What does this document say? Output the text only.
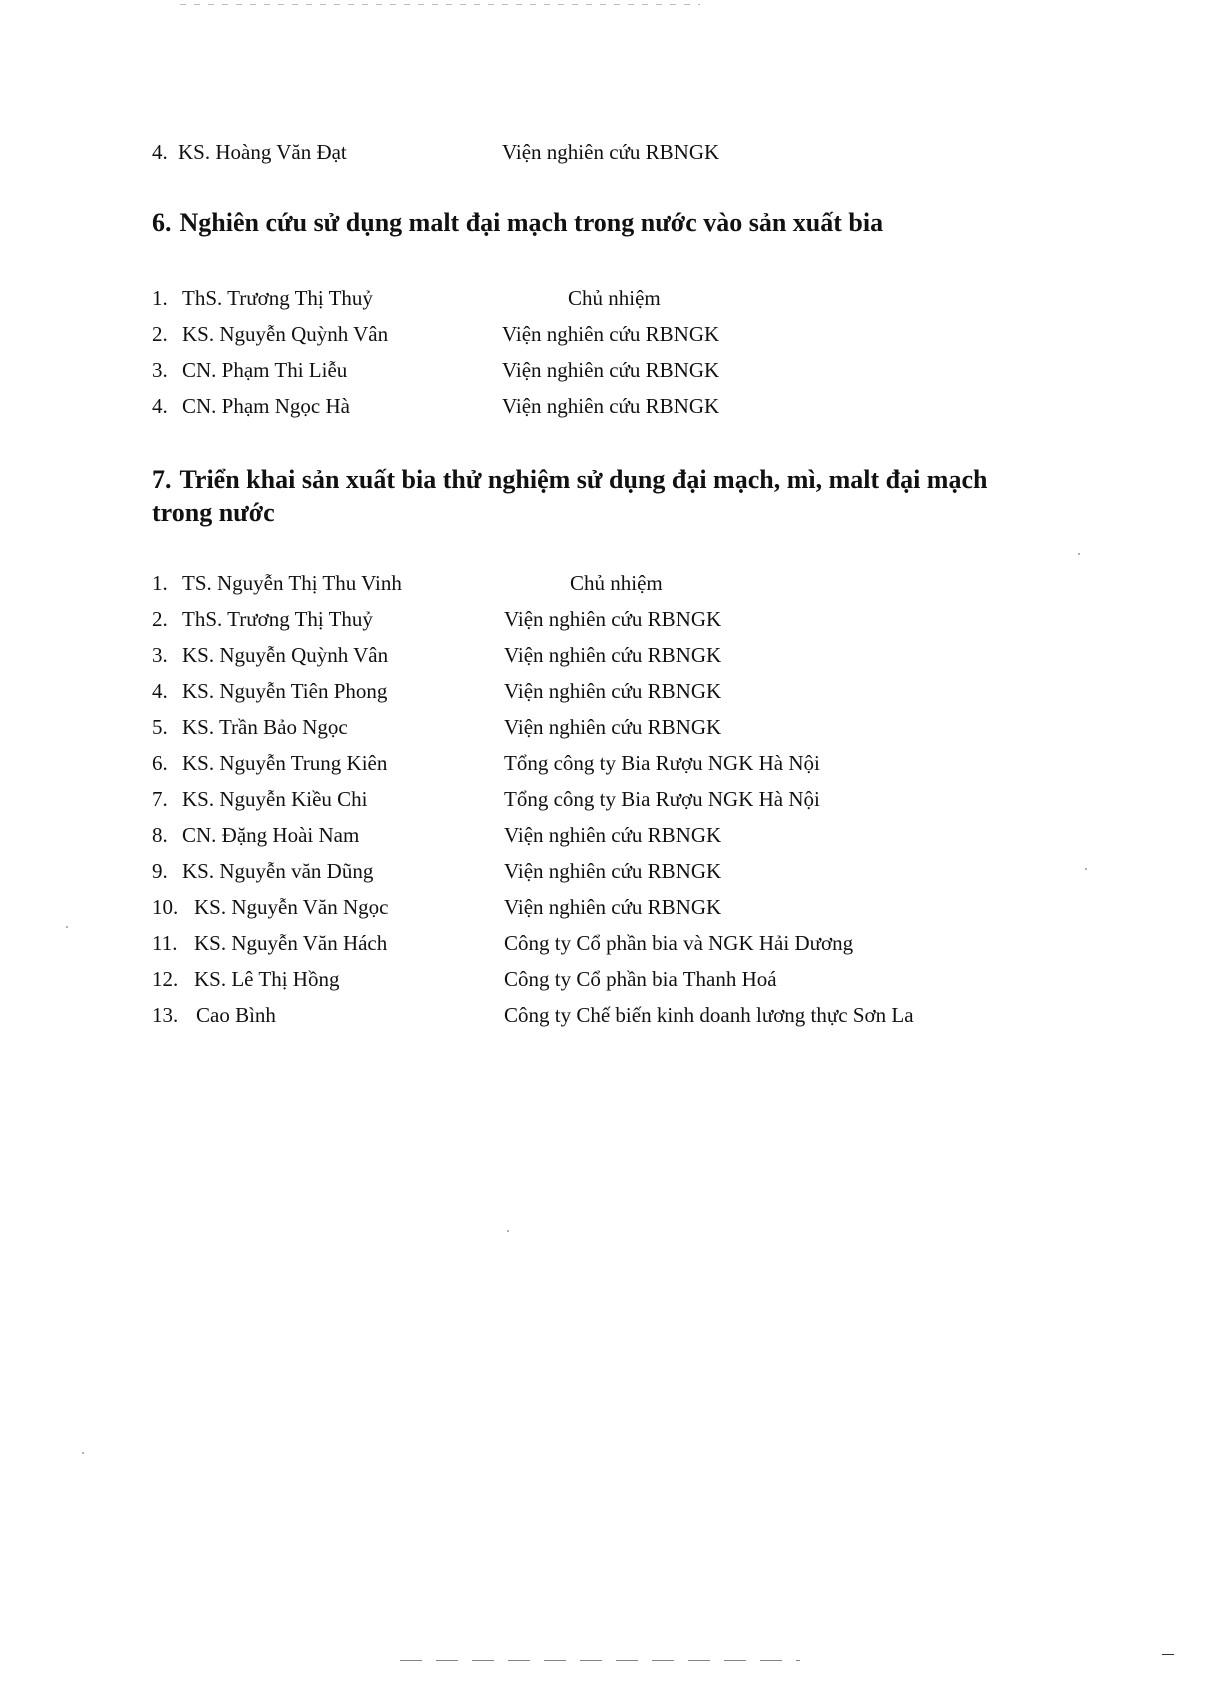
4. KS. Hoàng Văn Đạt	Viện nghiên cứu RBNGK
6. Nghiên cứu sử dụng malt đại mạch trong nước vào sản xuất bia
1. ThS. Trương Thị Thuỷ	Chủ nhiệm
2. KS. Nguyễn Quỳnh Vân	Viện nghiên cứu RBNGK
3. CN. Phạm Thi Liễu	Viện nghiên cứu RBNGK
4. CN. Phạm Ngọc Hà	Viện nghiên cứu RBNGK
7. Triển khai sản xuất bia thử nghiệm sử dụng đại mạch, mì, malt đại mạch
trong nước
1. TS. Nguyễn Thị Thu Vinh	Chủ nhiệm
2. ThS. Trương Thị Thuỷ	Viện nghiên cứu RBNGK
3. KS. Nguyễn Quỳnh Vân	Viện nghiên cứu RBNGK
4. KS. Nguyễn Tiên Phong	Viện nghiên cứu RBNGK
5. KS. Trần Bảo Ngọc	Viện nghiên cứu RBNGK
6. KS. Nguyễn Trung Kiên	Tổng công ty Bia Rượu NGK Hà Nội
7. KS. Nguyễn Kiều Chi	Tổng công ty Bia Rượu NGK Hà Nội
8. CN. Đặng Hoài Nam	Viện nghiên cứu RBNGK
9. KS. Nguyễn văn Dũng	Viện nghiên cứu RBNGK
10. KS. Nguyễn Văn Ngọc	Viện nghiên cứu RBNGK
11. KS. Nguyễn Văn Hách	Công ty Cổ phần bia và NGK Hải Dương
12. KS. Lê Thị Hồng	Công ty Cổ phần bia Thanh Hoá
13. Cao Bình	Công ty Chế biến kinh doanh lương thực Sơn La
